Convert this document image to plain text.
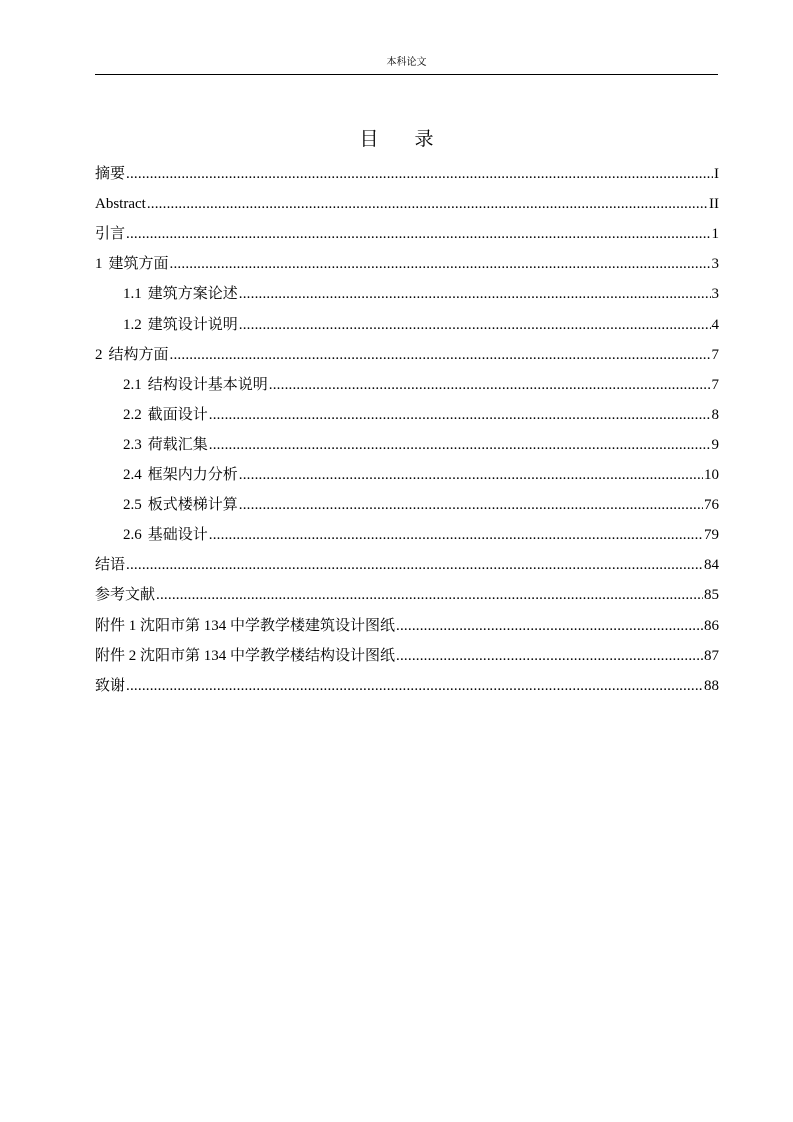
本科论文
目 录
摘要 .....	I
Abstract .....	II
引言 .....	1
1 建筑方面 .....	3
1.1 建筑方案论述 .....	3
1.2 建筑设计说明 .....	4
2 结构方面 .....	7
2.1 结构设计基本说明 .....	7
2.2 截面设计 .....	8
2.3 荷载汇集 .....	9
2.4 框架内力分析 .....	10
2.5 板式楼梯计算 .....	76
2.6 基础设计 .....	79
结语 .....	84
参考文献 .....	85
附件 1 沈阳市第 134 中学教学楼建筑设计图纸 .....	86
附件 2 沈阳市第 134 中学教学楼结构设计图纸 .....	87
致谢 .....	88
